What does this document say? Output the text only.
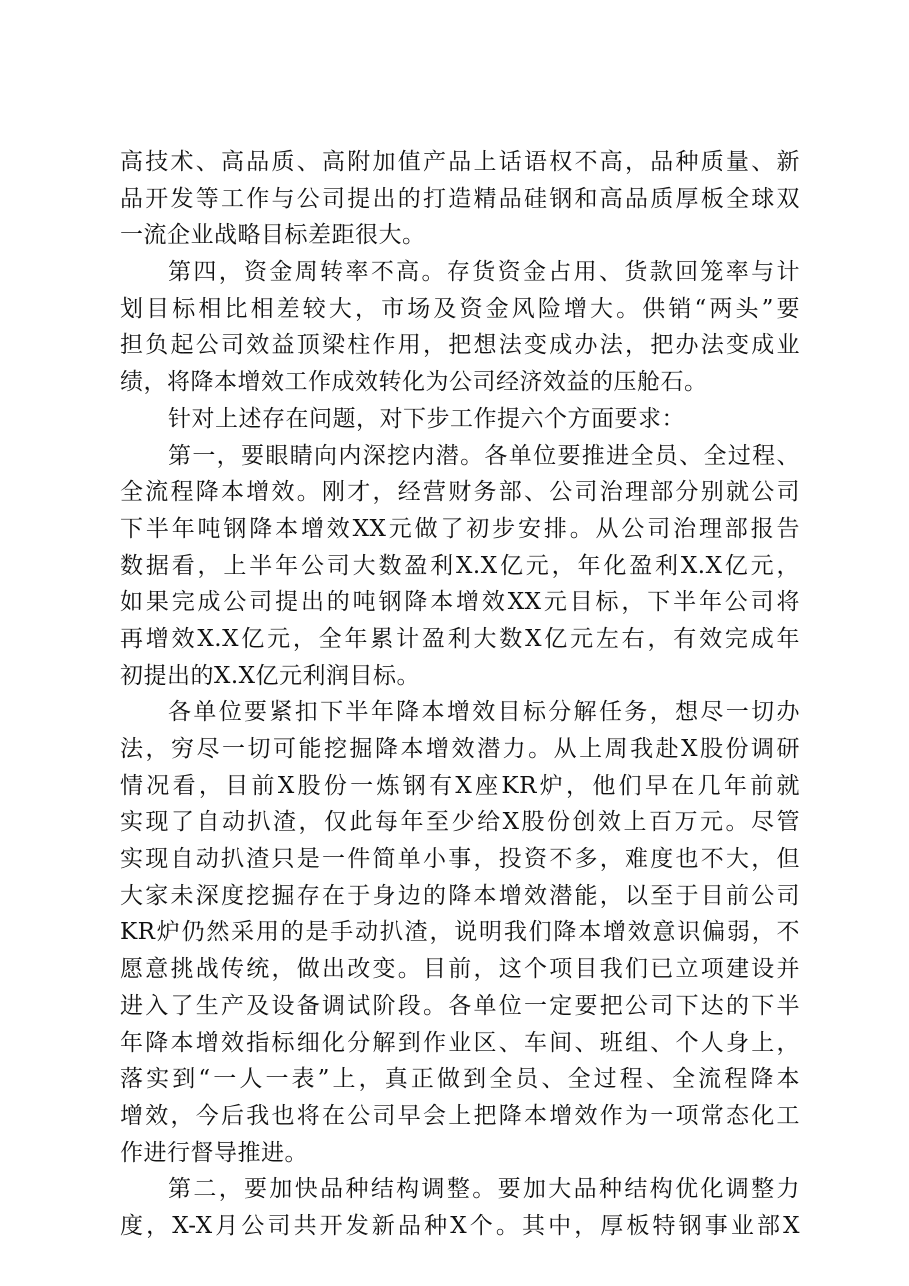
高技术、高品质、高附加值产品上话语权不高，品种质量、新
品开发等工作与公司提出的打造精品硅钢和高品质厚板全球双
一流企业战略目标差距很大。
第四，资金周转率不高。存货资金占用、货款回笼率与计
划目标相比相差较大，市场及资金风险增大。供销“两头”要
担负起公司效益顶梁柱作用，把想法变成办法，把办法变成业
绩，将降本增效工作成效转化为公司经济效益的压舱石。
针对上述存在问题，对下步工作提六个方面要求：
第一，要眼睛向内深挖内潜。各单位要推进全员、全过程、
全流程降本增效。刚才，经营财务部、公司治理部分别就公司
下半年吨钢降本增效XX元做了初步安排。从公司治理部报告
数据看，上半年公司大数盈利X.X亿元，年化盈利X.X亿元，
如果完成公司提出的吨钢降本增效XX元目标，下半年公司将
再增效X.X亿元，全年累计盈利大数X亿元左右，有效完成年
初提出的X.X亿元利润目标。
各单位要紧扣下半年降本增效目标分解任务，想尽一切办
法，穷尽一切可能挖掘降本增效潜力。从上周我赴X股份调研
情况看，目前X股份一炼钢有X座KR炉，他们早在几年前就
实现了自动扒渣，仅此每年至少给X股份创效上百万元。尽管
实现自动扒渣只是一件简单小事，投资不多，难度也不大，但
大家未深度挖掘存在于身边的降本增效潜能，以至于目前公司
KR炉仍然采用的是手动扒渣，说明我们降本增效意识偏弱，不
愿意挑战传统，做出改变。目前，这个项目我们已立项建设并
进入了生产及设备调试阶段。各单位一定要把公司下达的下半
年降本增效指标细化分解到作业区、车间、班组、个人身上，
落实到“一人一表”上，真正做到全员、全过程、全流程降本
增效，今后我也将在公司早会上把降本增效作为一项常态化工
作进行督导推进。
第二，要加快品种结构调整。要加大品种结构优化调整力
度，X-X月公司共开发新品种X个。其中，厚板特钢事业部X
